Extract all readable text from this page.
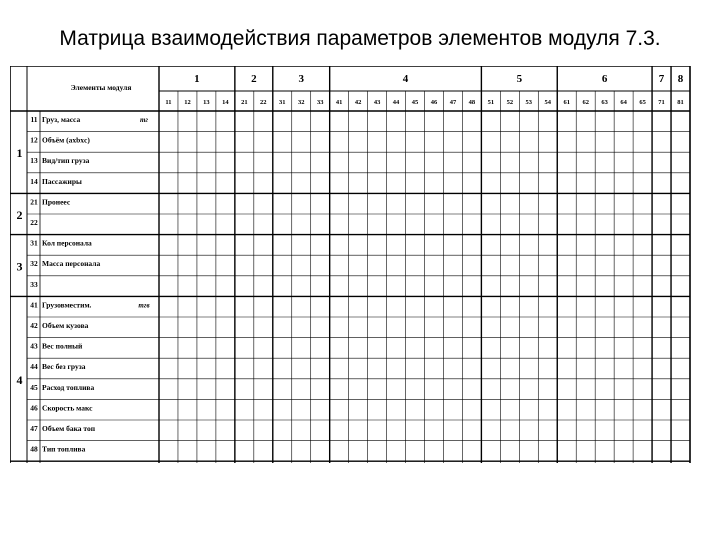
Матрица взаимодействия параметров элементов модуля 7.3.
Элементы модуля
1
11 12 13 14
2
21 22
3
31 32 33
4
41 42 43 44 45 46 47 48
5
51 52 53 54
6
61 62 63 64 65
7
71
8
81
11 Груз, масса	mг
12 Объём (axbxc)
13 Вид/тип груза
14 Пассажиры
21 Пронеес
22
31 Кол персонала
32 Масса персонала
33
41 Грузовместим.	mгв
42 Объем кузова
43 Вес полный
44 Вес без груза
45 Расход топлива
46 Скорость макс
47 Объем бака топ
48 Тип топлива
1
2
3
4
